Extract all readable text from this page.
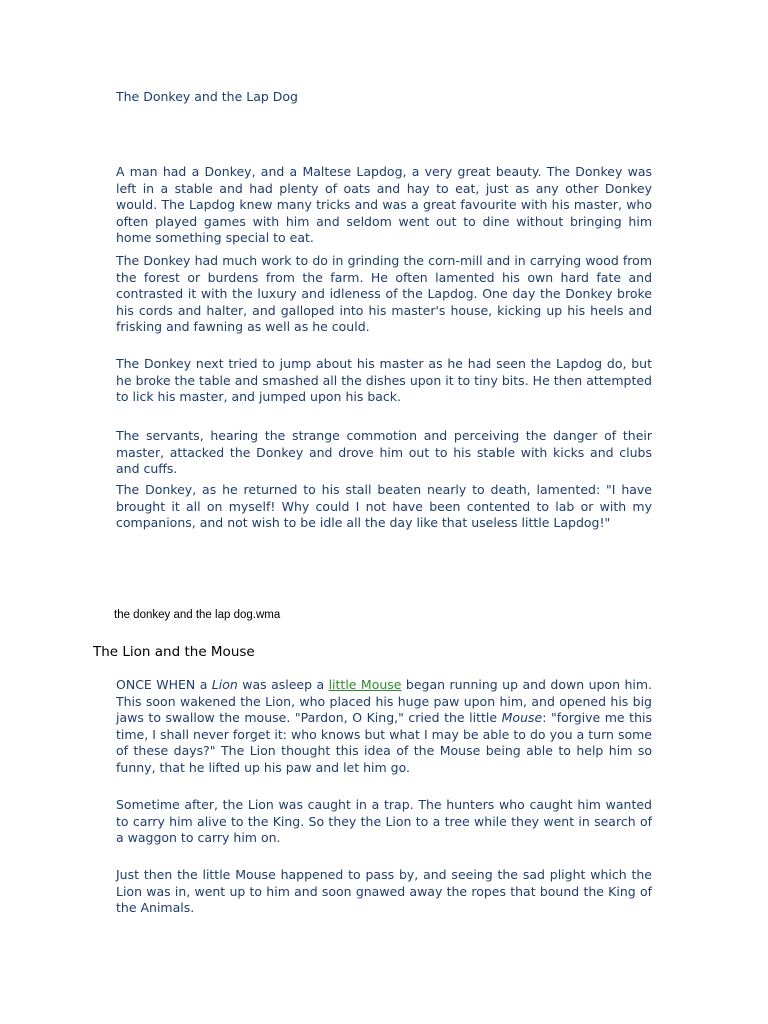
The Donkey and the Lap Dog

A man had a Donkey, and a Maltese Lapdog, a very great beauty. The Donkey was left in a stable and had plenty of oats and hay to eat, just as any other Donkey would. The Lapdog knew many tricks and was a great favourite with his master, who often played games with him and seldom went out to dine without bringing him home something special to eat.

The Donkey had much work to do in grinding the corn-mill and in carrying wood from the forest or burdens from the farm. He often lamented his own hard fate and contrasted it with the luxury and idleness of the Lapdog. One day the Donkey broke his cords and halter, and galloped into his master's house, kicking up his heels and frisking and fawning as well as he could.

The Donkey next tried to jump about his master as he had seen the Lapdog do, but he broke the table and smashed all the dishes upon it to tiny bits. He then attempted to lick his master, and jumped upon his back.

The servants, hearing the strange commotion and perceiving the danger of their master, attacked the Donkey and drove him out to his stable with kicks and clubs and cuffs.

The Donkey, as he returned to his stall beaten nearly to death, lamented: "I have brought it all on myself! Why could I not have been contented to lab or with my companions, and not wish to be idle all the day like that useless little Lapdog!"

the donkey and the lap dog.wma
The Lion and the Mouse

ONCE WHEN a Lion was asleep a little Mouse began running up and down upon him. This soon wakened the Lion, who placed his huge paw upon him, and opened his big jaws to swallow the mouse. "Pardon, O King," cried the little Mouse: "forgive me this time, I shall never forget it: who knows but what I may be able to do you a turn some of these days?" The Lion thought this idea of the Mouse being able to help him so funny, that he lifted up his paw and let him go.

Sometime after, the Lion was caught in a trap. The hunters who caught him wanted to carry him alive to the King. So they the Lion to a tree while they went in search of a waggon to carry him on.

Just then the little Mouse happened to pass by, and seeing the sad plight which the Lion was in, went up to him and soon gnawed away the ropes that bound the King of the Animals.
